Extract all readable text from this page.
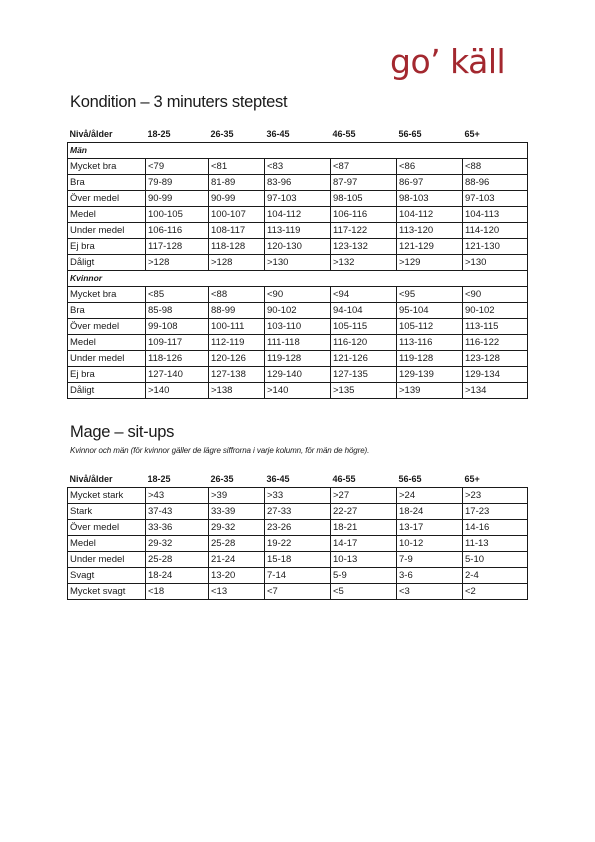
go’ käll
Kondition – 3 minuters steptest
Nivå/ålder	18-25	26-35	36-45	46-55	56-65	65+
Män						
Mycket bra	<79	<81	<83	<87	<86	<88
Bra	79-89	81-89	83-96	87-97	86-97	88-96
Över medel	90-99	90-99	97-103	98-105	98-103	97-103
Medel	100-105	100-107	104-112	106-116	104-112	104-113
Under medel	106-116	108-117	113-119	117-122	113-120	114-120
Ej bra	117-128	118-128	120-130	123-132	121-129	121-130
Dåligt	>128	>128	>130	>132	>129	>130
Kvinnor						
Mycket bra	<85	<88	<90	<94	<95	<90
Bra	85-98	88-99	90-102	94-104	95-104	90-102
Över medel	99-108	100-111	103-110	105-115	105-112	113-115
Medel	109-117	112-119	111-118	116-120	113-116	116-122
Under medel	118-126	120-126	119-128	121-126	119-128	123-128
Ej bra	127-140	127-138	129-140	127-135	129-139	129-134
Dåligt	>140	>138	>140	>135	>139	>134
Mage – sit-ups
Kvinnor och män (för kvinnor gäller de lägre siffrorna i varje kolumn, för män de högre).
Nivå/ålder	18-25	26-35	36-45	46-55	56-65	65+
Mycket stark	>43	>39	>33	>27	>24	>23
Stark	37-43	33-39	27-33	22-27	18-24	17-23
Över medel	33-36	29-32	23-26	18-21	13-17	14-16
Medel	29-32	25-28	19-22	14-17	10-12	11-13
Under medel	25-28	21-24	15-18	10-13	7-9	5-10
Svagt	18-24	13-20	7-14	5-9	3-6	2-4
Mycket svagt	<18	<13	<7	<5	<3	<2
